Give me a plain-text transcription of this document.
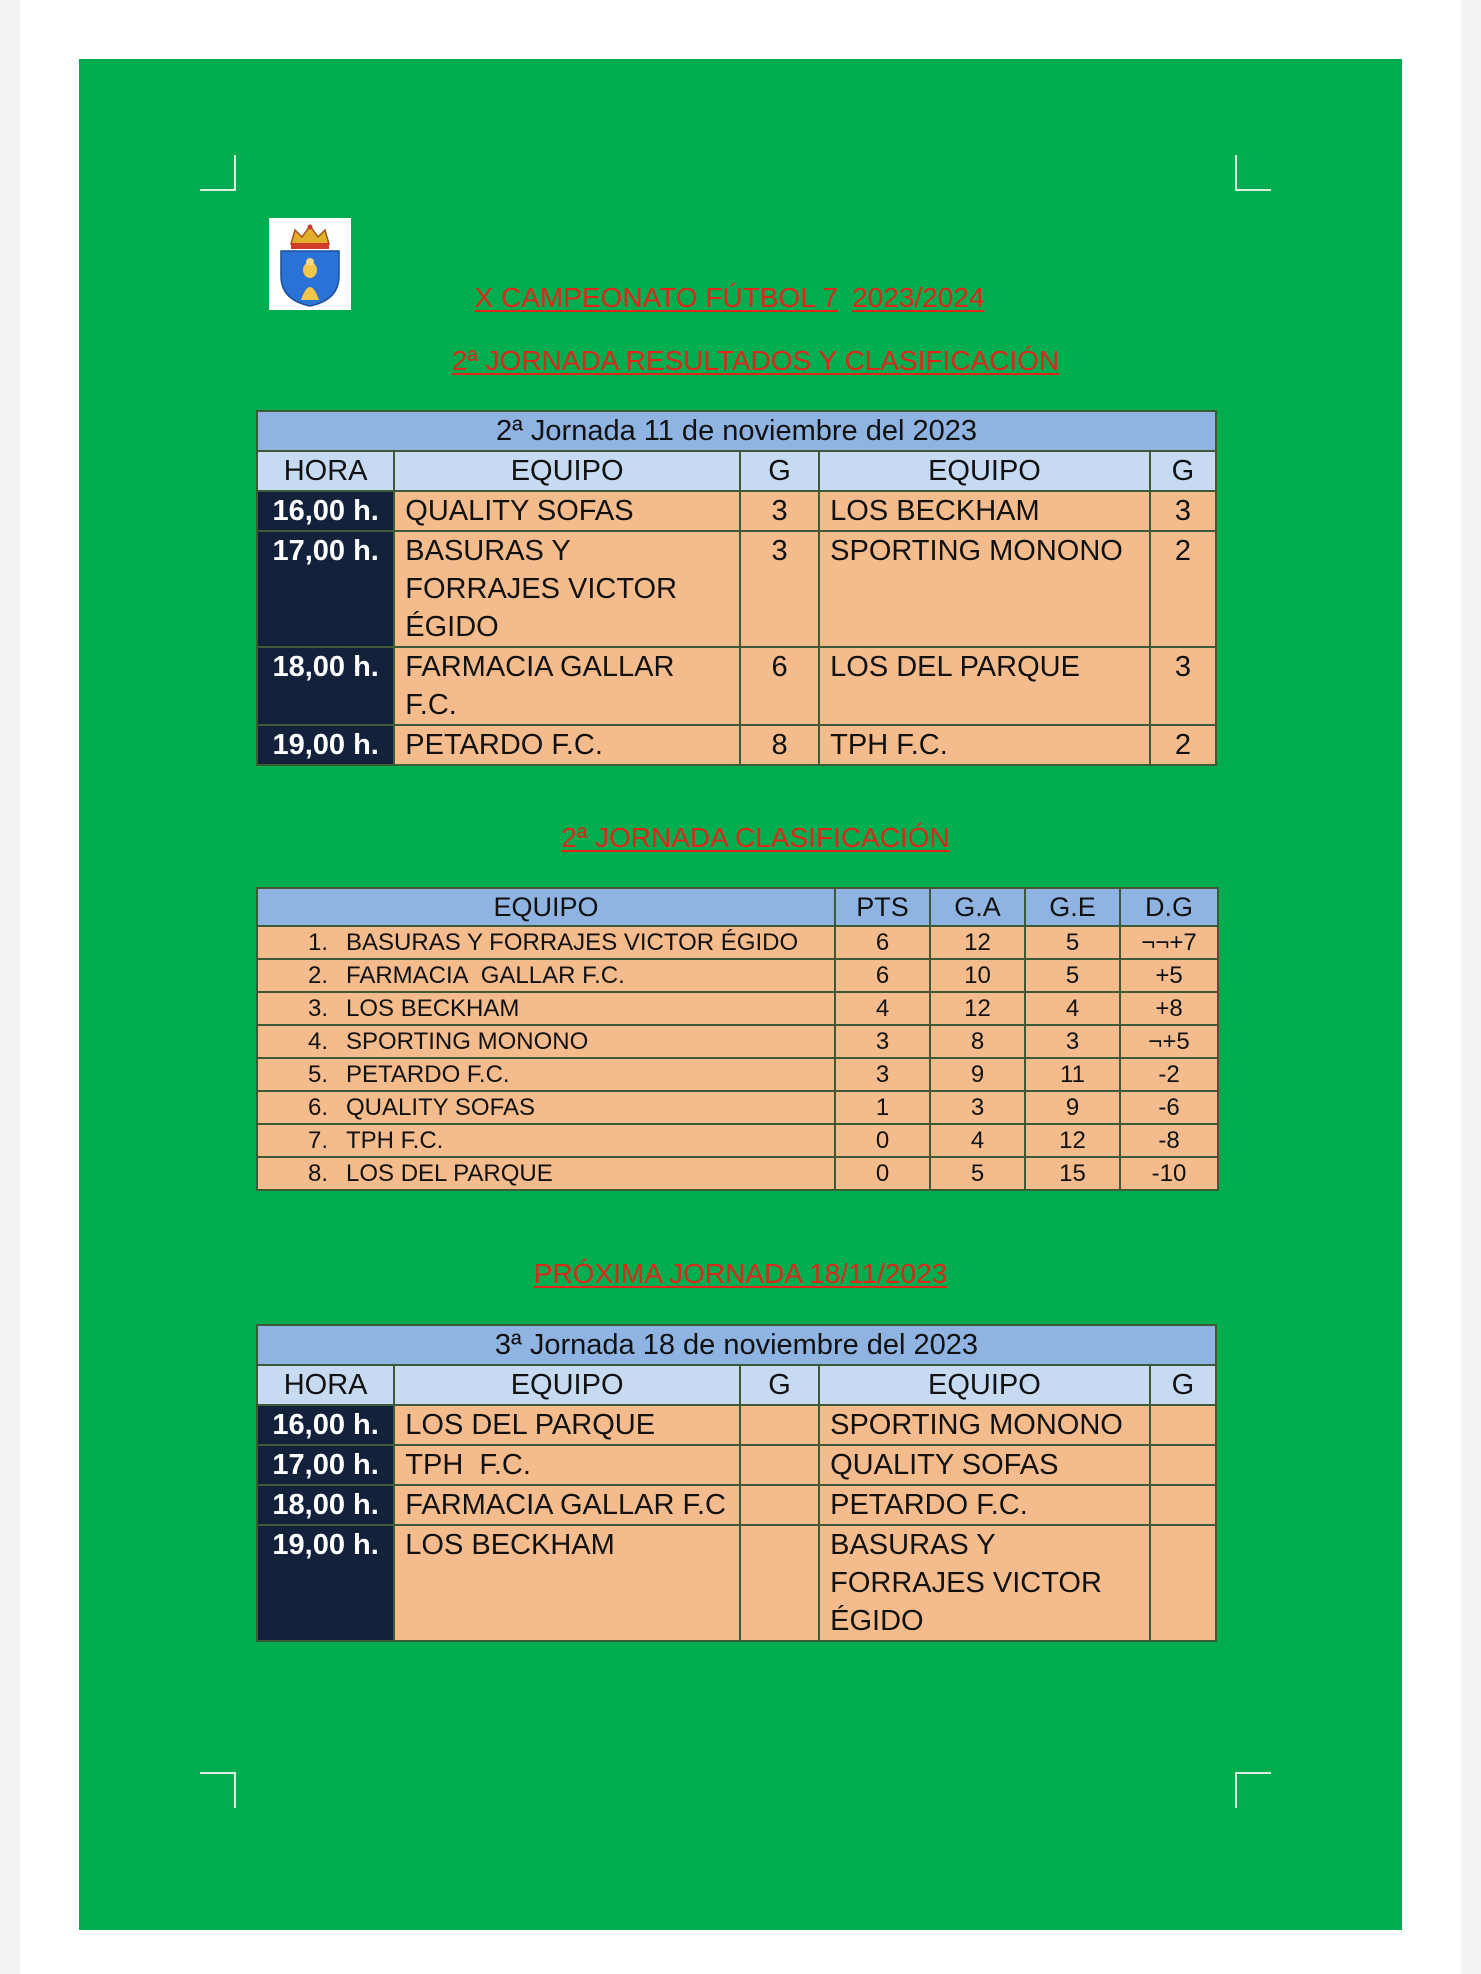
X CAMPEONATO FÚTBOL 7 2023/2024
2ª JORNADA RESULTADOS Y CLASIFICACIÓN
2ª Jornada 11 de noviembre del 2023				
HORA	EQUIPO	G	EQUIPO	G
16,00 h.	QUALITY SOFAS	3	LOS BECKHAM	3
17,00 h.	BASURAS Y FORRAJES VICTOR ÉGIDO	3	SPORTING MONONO	2
18,00 h.	FARMACIA GALLAR F.C.	6	LOS DEL PARQUE	3
19,00 h.	PETARDO F.C.	8	TPH F.C.	2
2ª JORNADA CLASIFICACIÓN
EQUIPO	PTS	G.A	G.E	D.G
1. BASURAS Y FORRAJES VICTOR ÉGIDO	6	12	5	¬¬+7
2. FARMACIA  GALLAR F.C.	6	10	5	+5
3. LOS BECKHAM	4	12	4	+8
4. SPORTING MONONO	3	8	3	¬+5
5. PETARDO F.C.	3	9	11	-2
6. QUALITY SOFAS	1	3	9	-6
7. TPH F.C.	0	4	12	-8
8. LOS DEL PARQUE	0	5	15	-10
PRÓXIMA JORNADA 18/11/2023
3ª Jornada 18 de noviembre del 2023				
HORA	EQUIPO	G	EQUIPO	G
16,00 h.	LOS DEL PARQUE		SPORTING MONONO	
17,00 h.	TPH  F.C.		QUALITY SOFAS	
18,00 h.	FARMACIA GALLAR F.C		PETARDO F.C.	
19,00 h.	LOS BECKHAM		BASURAS Y FORRAJES VICTOR ÉGIDO	
